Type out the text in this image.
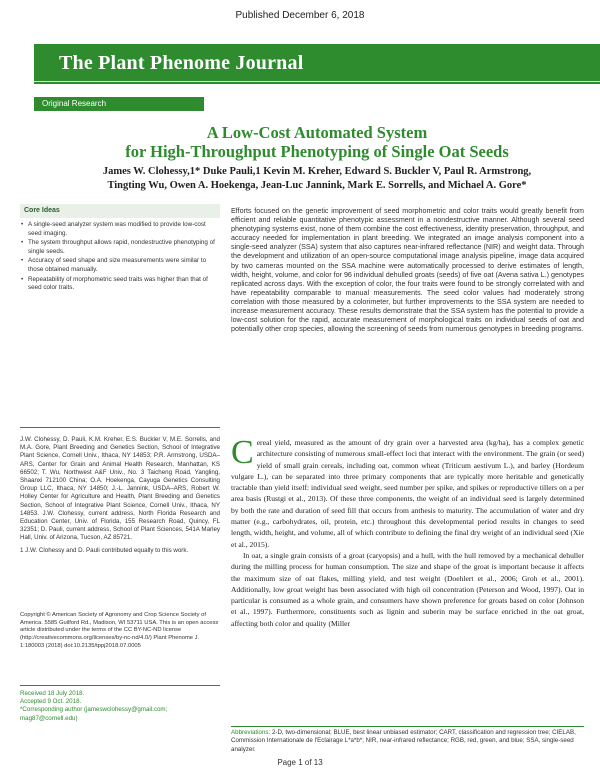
Published December 6, 2018
The Plant Phenome Journal
Original Research
A Low-Cost Automated System
for High-Throughput Phenotyping of Single Oat Seeds
James W. Clohessy,1* Duke Pauli,1 Kevin M. Kreher, Edward S. Buckler V, Paul R. Armstrong,
Tingting Wu, Owen A. Hoekenga, Jean-Luc Jannink, Mark E. Sorrells, and Michael A. Gore*
Core Ideas
• A single-seed analyzer system was modified to provide low-cost seed imaging.
• The system throughput allows rapid, nondestructive phenotyping of single seeds.
• Accuracy of seed shape and size measurements were similar to those obtained manually.
• Repeatability of morphometric seed traits was higher than that of seed color traits.

Efforts focused on the genetic improvement of seed morphometric and color traits would greatly benefit from efficient and reliable quantitative phenotypic assessment in a nondestructive manner. Although several seed phenotyping systems exist, none of them combine the cost effectiveness, identity preservation, throughput, and accuracy needed for implementation in plant breeding. We integrated an image analysis component into a single-seed analyzer (SSA) system that also captures near-infrared reflectance (NIR) and weight data. Through the development and utilization of an open-source computational image analysis pipeline, image data acquired by two cameras mounted on the SSA machine were automatically processed to derive estimates of length, width, height, volume, and color for 96 individual dehulled groats (seeds) of five oat (Avena sativa L.) genotypes replicated across days. With the exception of color, the four traits were found to be strongly correlated with and have repeatability comparable to manual measurements. The seed color values had moderately strong correlation with those measured by a colorimeter, but further improvements to the SSA system are needed to increase measurement accuracy. These results demonstrate that the SSA system has the potential to provide a low-cost solution for the rapid, accurate measurement of morphological traits on individual seeds of oat and potentially other crop species, allowing the screening of seeds from numerous genotypes in breeding programs.

J.W. Clohessy, D. Pauli, K.M. Kreher, E.S. Buckler V, M.E. Sorrells, and M.A. Gore, Plant Breeding and Genetics Section, School of Integrative Plant Science, Cornell Univ., Ithaca, NY 14853; P.R. Armstrong, USDA–ARS, Center for Grain and Animal Health Research, Manhattan, KS 66502; T. Wu, Northwest A&F Univ., No. 3 Taicheng Road, Yangling, Shaanxi 712100 China; O.A. Hoekenga, Cayuga Genetics Consulting Group LLC, Ithaca, NY 14850; J.-L. Jannink, USDA–ARS, Robert W. Holley Center for Agriculture and Health, Plant Breeding and Genetics Section, School of Integrative Plant Science, Cornell Univ., Ithaca, NY 14853. J.W. Clohessy, current address, North Florida Research and Education Center, Univ. of Florida, 155 Research Road, Quincy, FL 32351; D. Pauli, current address, School of Plant Sciences, 541A Marley Hall, Univ. of Arizona, Tucson, AZ 85721.

1 J.W. Clohessy and D. Pauli contributed equally to this work.

Copyright © American Society of Agronomy and Crop Science Society of America. 5585 Guilford Rd., Madison, WI 53711 USA. This is an open access article distributed under the terms of the CC BY-NC-ND license (http://creativecommons.org/licenses/by-nc-nd/4.0/) Plant Phenome J. 1:180003 (2018) doi:10.2135/tppj2018.07.0005

Received 18 July 2018.
Accepted 9 Oct. 2018.
*Corresponding author (jameswclohessy@gmail.com; mag87@cornell.edu)

Cereal yield, measured as the amount of dry grain over a harvested area (kg/ha), has a complex genetic architecture consisting of numerous small-effect loci that interact with the environment. The grain (or seed) yield of small grain cereals, including oat, common wheat (Triticum aestivum L.), and barley (Hordeum vulgare L.), can be separated into three primary components that are typically more heritable and genetically tractable than yield itself: individual seed weight, seed number per spike, and spikes or reproductive tillers on a per area basis (Rustgi et al., 2013). Of these three components, the weight of an individual seed is largely determined by both the rate and duration of seed fill that occurs from anthesis to maturity. The accumulation of water and dry matter (e.g., carbohydrates, oil, protein, etc.) throughout this developmental period results in changes to seed length, width, height, and volume, all of which contribute to defining the final dry weight of an individual seed (Xie et al., 2015).

In oat, a single grain consists of a groat (caryopsis) and a hull, with the hull removed by a mechanical dehuller during the milling process for human consumption. The size and shape of the groat is important because it affects the maximum size of oat flakes, milling yield, and test weight (Doehlert et al., 2006; Groh et al., 2001). Additionally, low groat weight has been associated with high oil concentration (Peterson and Wood, 1997). Oat in particular is consumed as a whole grain, and consumers have shown preference for groats based on color (Johnson et al., 1997). Furthermore, constituents such as lignin and suberin may be surface enriched in the oat groat, affecting both color and quality (Miller

Abbreviations: 2-D, two-dimensional; BLUE, best linear unbiased estimator; CART, classification and regression tree; CIELAB, Commission Internationale de l'Eclairage L*a*b*; NIR, near-infrared reflectance; RGB, red, green, and blue; SSA, single-seed analyzer.

Page 1 of 13
